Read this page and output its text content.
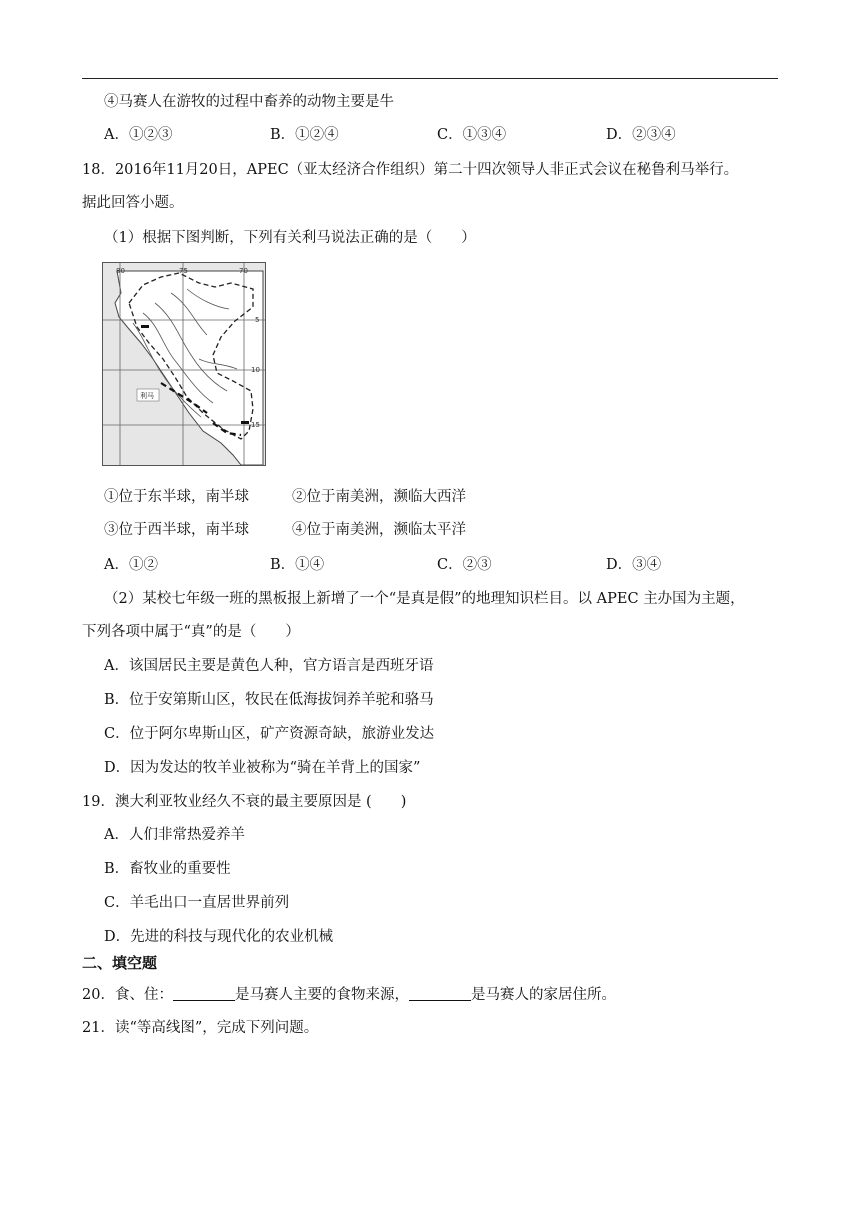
④马赛人在游牧的过程中畜养的动物主要是牛
A．①②③	B．①②④	C．①③④	D．②③④
18．2016年11月20日，APEC（亚太经济合作组织）第二十四次领导人非正式会议在秘鲁利马举行。
据此回答小题。
（1）根据下图判断，下列有关利马说法正确的是（　　）
80	75	70
5
10
15
利马
①位于东半球，南半球	②位于南美洲，濒临大西洋
③位于西半球，南半球	④位于南美洲，濒临太平洋
A．①②	B．①④	C．②③	D．③④
（2）某校七年级一班的黑板报上新增了一个“是真是假”的地理知识栏目。以 APEC 主办国为主题，
下列各项中属于“真”的是（　　）
A．该国居民主要是黄色人种，官方语言是西班牙语
B．位于安第斯山区，牧民在低海拔饲养羊驼和骆马
C．位于阿尔卑斯山区，矿产资源奇缺，旅游业发达
D．因为发达的牧羊业被称为“骑在羊背上的国家”
19．澳大利亚牧业经久不衰的最主要原因是 (　　)
A．人们非常热爱养羊
B．畜牧业的重要性
C．羊毛出口一直居世界前列
D．先进的科技与现代化的农业机械
二、填空题
20．食、住：	是马赛人主要的食物来源，	是马赛人的家居住所。
21．读“等高线图”，完成下列问题。
